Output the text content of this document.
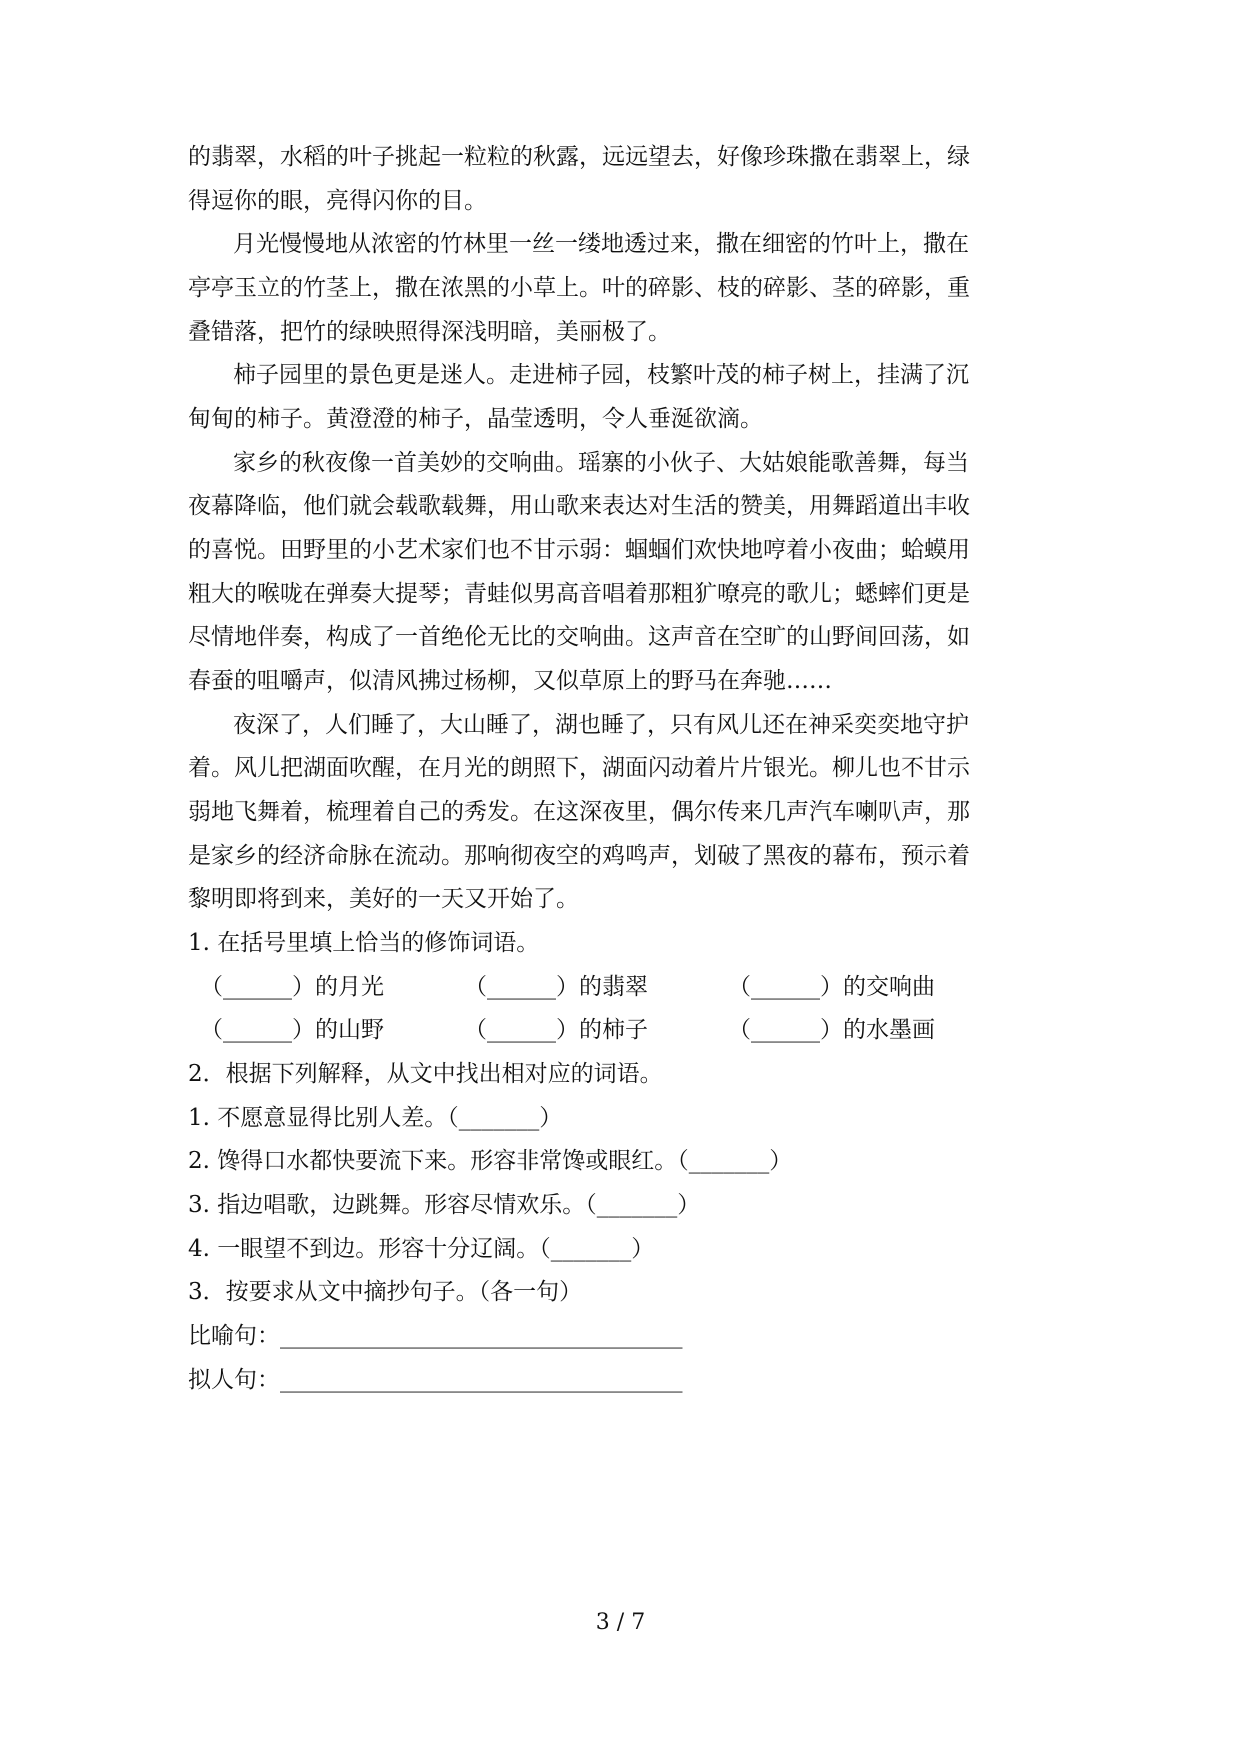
的翡翠，水稻的叶子挑起一粒粒的秋露，远远望去，好像珍珠撒在翡翠上，绿
得逗你的眼，亮得闪你的目。
月光慢慢地从浓密的竹林里一丝一缕地透过来，撒在细密的竹叶上，撒在
亭亭玉立的竹茎上，撒在浓黑的小草上。叶的碎影、枝的碎影、茎的碎影，重
叠错落，把竹的绿映照得深浅明暗，美丽极了。
柿子园里的景色更是迷人。走进柿子园，枝繁叶茂的柿子树上，挂满了沉
甸甸的柿子。黄澄澄的柿子，晶莹透明，令人垂涎欲滴。
家乡的秋夜像一首美妙的交响曲。瑶寨的小伙子、大姑娘能歌善舞，每当
夜幕降临，他们就会载歌载舞，用山歌来表达对生活的赞美，用舞蹈道出丰收
的喜悦。田野里的小艺术家们也不甘示弱：蝈蝈们欢快地哼着小夜曲；蛤蟆用
粗大的喉咙在弹奏大提琴；青蛙似男高音唱着那粗犷嘹亮的歌儿；蟋蟀们更是
尽情地伴奏，构成了一首绝伦无比的交响曲。这声音在空旷的山野间回荡，如
春蚕的咀嚼声，似清风拂过杨柳，又似草原上的野马在奔驰……
夜深了，人们睡了，大山睡了，湖也睡了，只有风儿还在神采奕奕地守护
着。风儿把湖面吹醒，在月光的朗照下，湖面闪动着片片银光。柳儿也不甘示
弱地飞舞着，梳理着自己的秀发。在这深夜里，偶尔传来几声汽车喇叭声，那
是家乡的经济命脉在流动。那响彻夜空的鸡鸣声，划破了黑夜的幕布，预示着
黎明即将到来，美好的一天又开始了。
1. 在括号里填上恰当的修饰词语。
（______）的月光	（______）的翡翠	（______）的交响曲
（______）的山野	（______）的柿子	（______）的水墨画
2．根据下列解释，从文中找出相对应的词语。
1. 不愿意显得比别人差。（_______）
2. 馋得口水都快要流下来。形容非常馋或眼红。（_______）
3. 指边唱歌，边跳舞。形容尽情欢乐。（_______）
4. 一眼望不到边。形容十分辽阔。（_______）
3．按要求从文中摘抄句子。（各一句）
比喻句：___________________________________
拟人句：___________________________________
3 / 7
